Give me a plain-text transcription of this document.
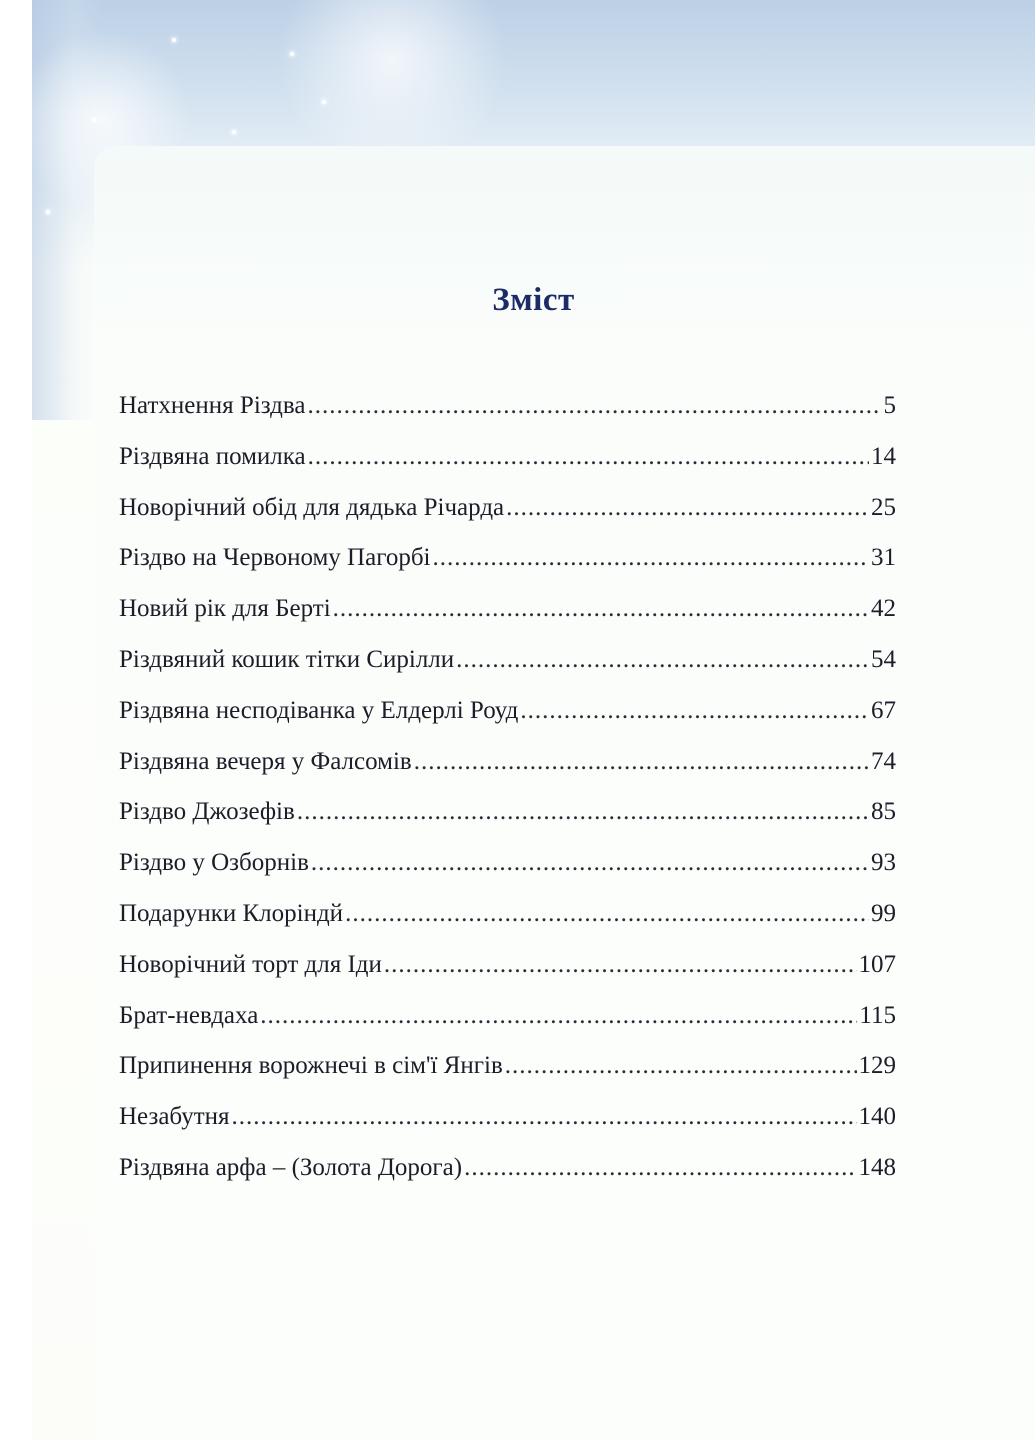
Зміст
Натхнення Різдва .....	5
Різдвяна помилка .....	14
Новорічний обід для дядька Річарда .....	25
Різдво на Червоному Пагорбі .....	31
Новий рік для Берті .....	42
Різдвяний кошик тітки Сирілли .....	54
Різдвяна несподіванка у Елдерлі Роуд .....	67
Різдвяна вечеря у Фалсомів .....	74
Різдво Джозефів .....	85
Різдво у Озборнів .....	93
Подарунки Клоріндй .....	99
Новорічний торт для Іди .....	107
Брат-невдаха .....	115
Припинення ворожнечі в сім'ї Янгів .....	129
Незабутня .....	140
Різдвяна арфа – (Золота Дорога) .....	148
